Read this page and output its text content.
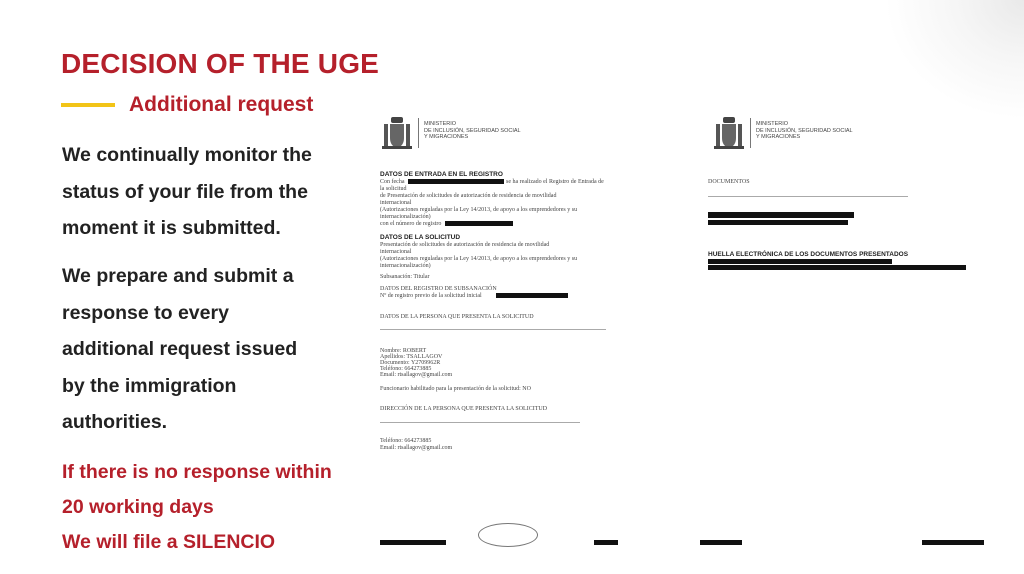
DECISION OF THE UGE
Additional request
We continually monitor the
status of your file from the
moment it is submitted.
We prepare and submit a
response to every
additional request issued
by the immigration
authorities.
If there is no response within
20 working days
We will file a SILENCIO
MINISTERIO
DE INCLUSIÓN, SEGURIDAD SOCIAL
Y MIGRACIONES
DATOS DE ENTRADA EN EL REGISTRO
Con fecha	se ha realizado el Registro de Entrada de
la solicitud
de Presentación de solicitudes de autorización de residencia de movilidad
internacional
(Autorizaciones reguladas por la Ley 14/2013, de apoyo a los emprendedores y su
internacionalización)
con el número de registro
DATOS DE LA SOLICITUD
Presentación de solicitudes de autorización de residencia de movilidad
internacional
(Autorizaciones reguladas por la Ley 14/2013, de apoyo a los emprendedores y su
internacionalización)
Subsanación: Titular
DATOS DEL REGISTRO DE SUBSANACIÓN
Nº de registro previo de la solicitud inicial
DATOS DE LA PERSONA QUE PRESENTA LA SOLICITUD
Nombre: ROBERT
Apellidos: TSALLAGOV
Documento: Y2709962R
Teléfono: 664273885
Email: rtsallagov@gmail.com
Funcionario habilitado para la presentación de la solicitud: NO
DIRECCIÓN DE LA PERSONA QUE PRESENTA LA SOLICITUD
Teléfono: 664273885
Email: rtsallagov@gmail.com
MINISTERIO
DE INCLUSIÓN, SEGURIDAD SOCIAL
Y MIGRACIONES
DOCUMENTOS
HUELLA ELECTRÓNICA DE LOS DOCUMENTOS PRESENTADOS
